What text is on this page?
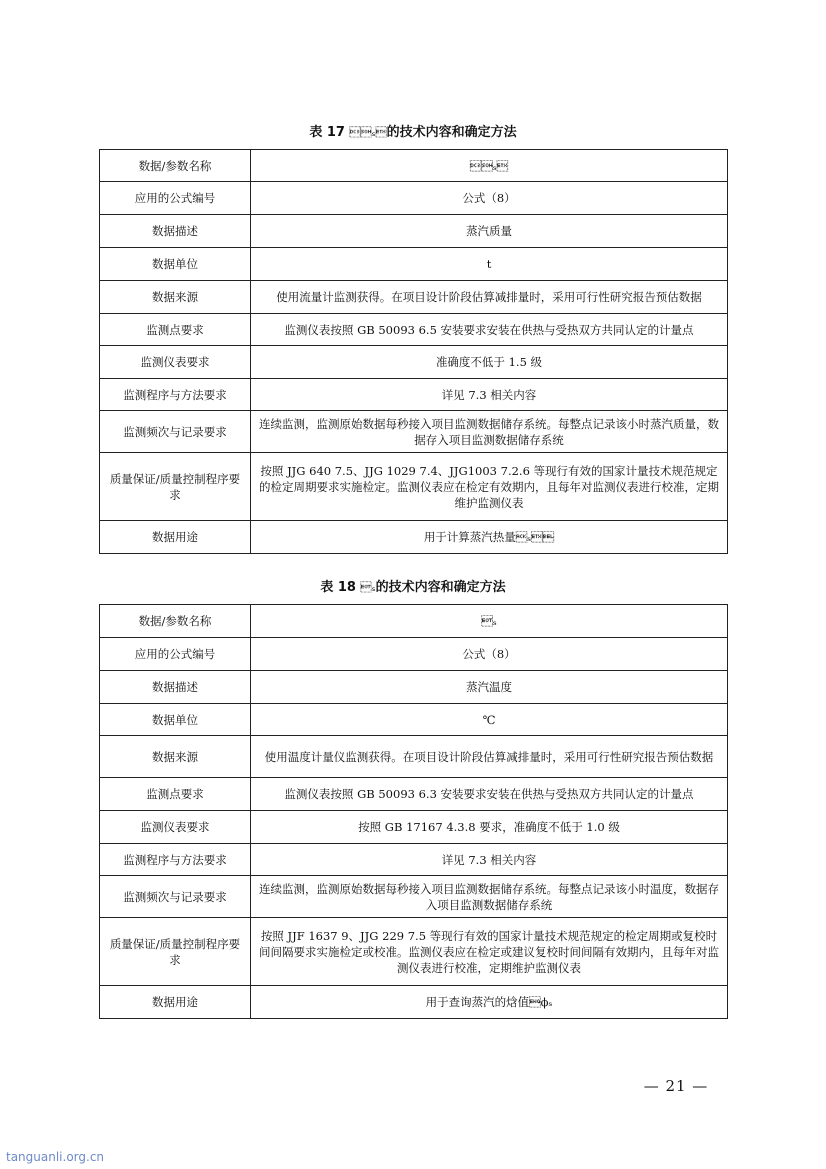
表 17 ₛ的技术内容和确定方法
数据/参数名称	ₛ
应用的公式编号	公式（8）
数据描述	蒸汽质量
数据单位	t
数据来源	使用流量计监测获得。在项目设计阶段估算减排量时，采用可行性研究报告预估数据
监测点要求	监测仪表按照 GB 50093 6.5 安装要求安装在供热与受热双方共同认定的计量点
监测仪表要求	准确度不低于 1.5 级
监测程序与方法要求	详见 7.3 相关内容
监测频次与记录要求	连续监测，监测原始数据每秒接入项目监测数据储存系统。每整点记录该小时蒸汽质量，数据存入项目监测数据储存系统
质量保证/质量控制程序要求	按照 JJG 640 7.5、JJG 1029 7.4、JJG1003 7.2.6 等现行有效的国家计量技术规范规定的检定周期要求实施检定。监测仪表应在检定有效期内，且每年对监测仪表进行校准，定期维护监测仪表
数据用途	用于计算蒸汽热量ₛ
表 18 ₛ的技术内容和确定方法
数据/参数名称	ₛ
应用的公式编号	公式（8）
数据描述	蒸汽温度
数据单位	℃
数据来源	使用温度计量仪监测获得。在项目设计阶段估算减排量时，采用可行性研究报告预估数据
监测点要求	监测仪表按照 GB 50093 6.3 安装要求安装在供热与受热双方共同认定的计量点
监测仪表要求	按照 GB 17167 4.3.8 要求，准确度不低于 1.0 级
监测程序与方法要求	详见 7.3 相关内容
监测频次与记录要求	连续监测，监测原始数据每秒接入项目监测数据储存系统。每整点记录该小时温度，数据存入项目监测数据储存系统
质量保证/质量控制程序要求	按照 JJF 1637 9、JJG 229 7.5 等现行有效的国家计量技术规范规定的检定周期或复校时间间隔要求实施检定或校准。监测仪表应在检定或建议复校时间间隔有效期内，且每年对监测仪表进行校准，定期维护监测仪表
数据用途	用于查询蒸汽的焓值ϕₛ
— 21 —
tanguanli.org.cn
